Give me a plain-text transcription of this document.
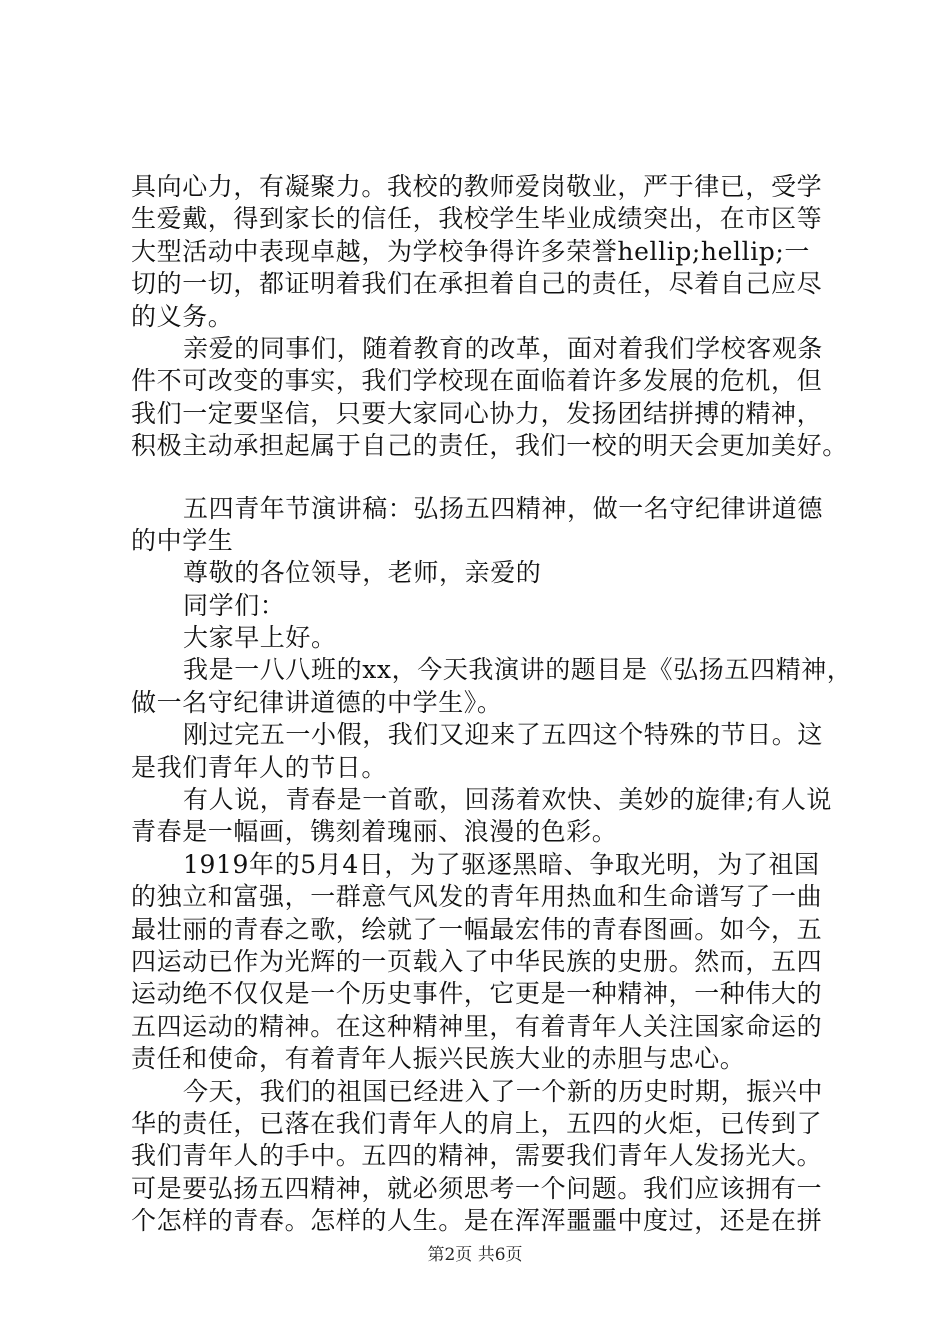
具向心力，有凝聚力。我校的教师爱岗敬业，严于律已，受学
生爱戴，得到家长的信任，我校学生毕业成绩突出，在市区等
大型活动中表现卓越，为学校争得许多荣誉hellip;hellip;一
切的一切，都证明着我们在承担着自己的责任，尽着自己应尽
的义务。
亲爱的同事们，随着教育的改革，面对着我们学校客观条
件不可改变的事实，我们学校现在面临着许多发展的危机，但
我们一定要坚信，只要大家同心协力，发扬团结拼搏的精神，
积极主动承担起属于自己的责任，我们一校的明天会更加美好。
五四青年节演讲稿：弘扬五四精神，做一名守纪律讲道德
的中学生
尊敬的各位领导，老师，亲爱的
同学们：
大家早上好。
我是一八八班的xx，今天我演讲的题目是《弘扬五四精神，
做一名守纪律讲道德的中学生》。
刚过完五一小假，我们又迎来了五四这个特殊的节日。这
是我们青年人的节日。
有人说，青春是一首歌，回荡着欢快、美妙的旋律;有人说
青春是一幅画，镌刻着瑰丽、浪漫的色彩。
1919年的5月4日，为了驱逐黑暗、争取光明，为了祖国
的独立和富强，一群意气风发的青年用热血和生命谱写了一曲
最壮丽的青春之歌，绘就了一幅最宏伟的青春图画。如今，五
四运动已作为光辉的一页载入了中华民族的史册。然而，五四
运动绝不仅仅是一个历史事件，它更是一种精神，一种伟大的
五四运动的精神。在这种精神里，有着青年人关注国家命运的
责任和使命，有着青年人振兴民族大业的赤胆与忠心。
今天，我们的祖国已经进入了一个新的历史时期，振兴中
华的责任，已落在我们青年人的肩上，五四的火炬，已传到了
我们青年人的手中。五四的精神，需要我们青年人发扬光大。
可是要弘扬五四精神，就必须思考一个问题。我们应该拥有一
个怎样的青春。怎样的人生。是在浑浑噩噩中度过，还是在拼
第2页 共6页
